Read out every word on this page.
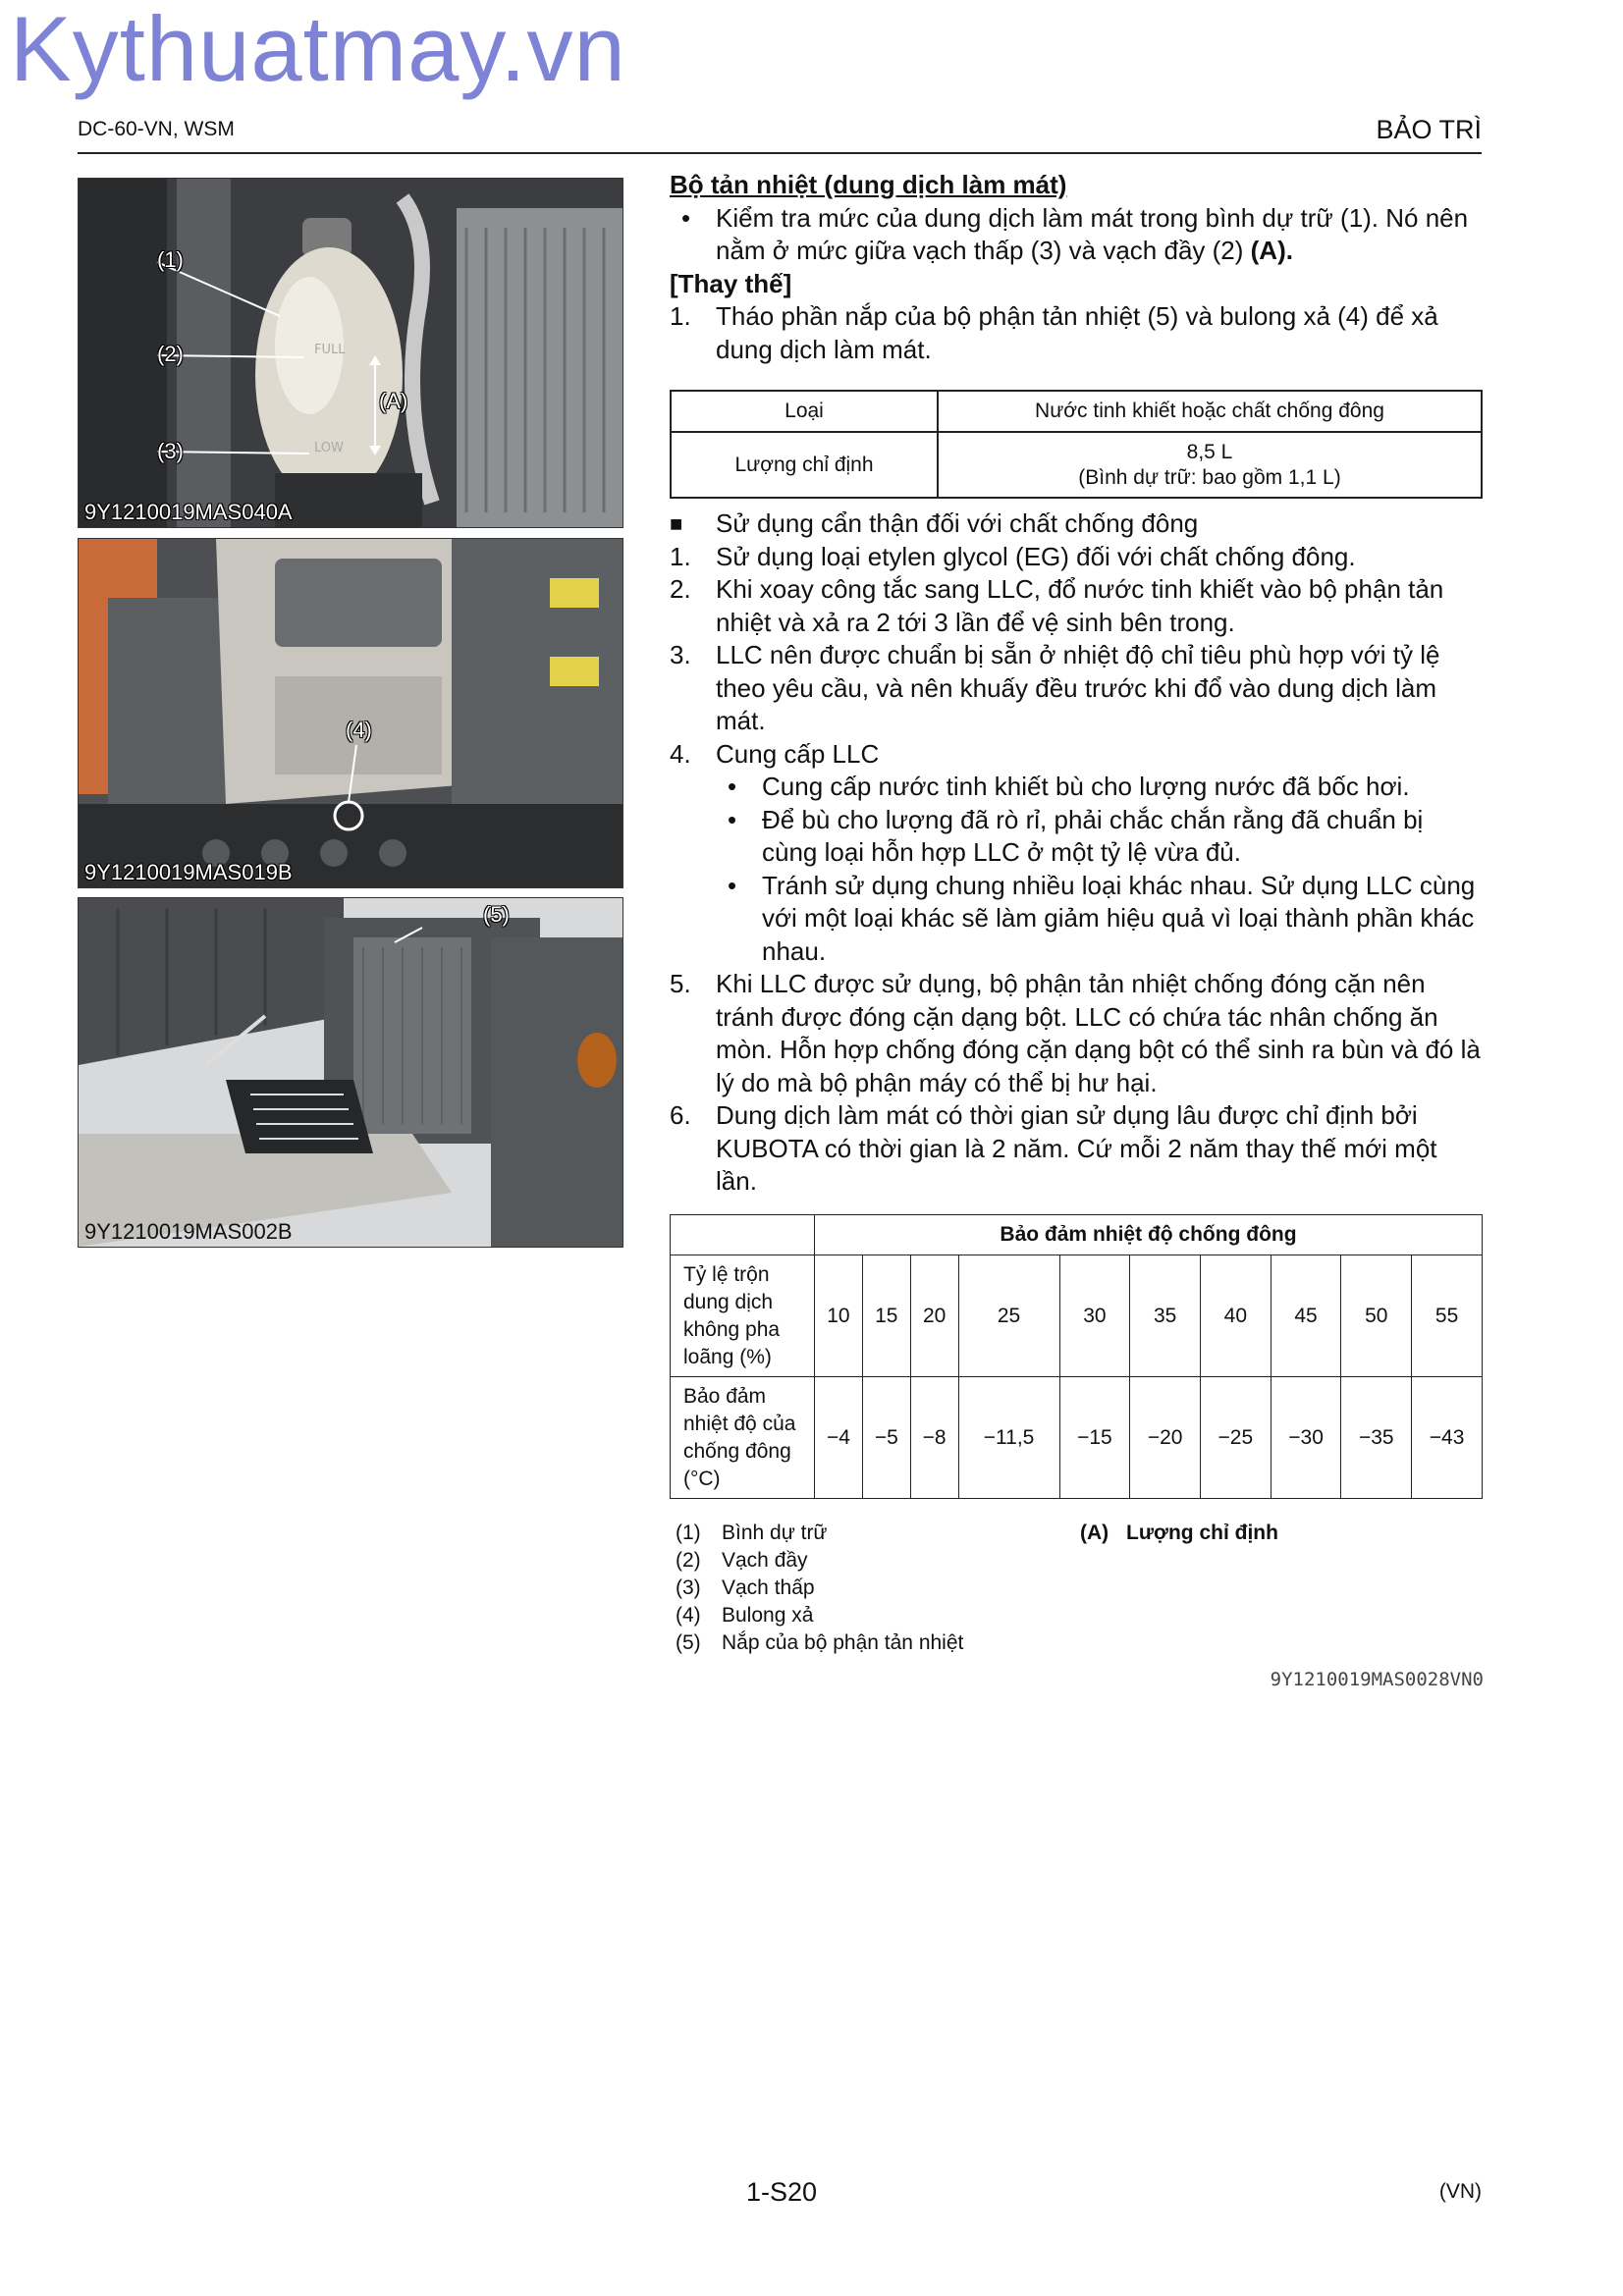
Kythuatmay.vn
DC-60-VN, WSM	BẢO TRÌ
FULL
LOW
(1)
(2)
(3)
(A)
9Y1210019MAS040A
(4)
9Y1210019MAS019B
(5)
9Y1210019MAS002B
Bộ tản nhiệt (dung dịch làm mát)
• Kiểm tra mức của dung dịch làm mát trong bình dự trữ (1). Nó nên nằm ở mức giữa vạch thấp (3) và vạch đầy (2) (A).
[Thay thế]
1. Tháo phần nắp của bộ phận tản nhiệt (5) và bulong xả (4) để xả dung dịch làm mát.
Loại	Nước tinh khiết hoặc chất chống đông
Lượng chỉ định	8,5 L
(Bình dự trữ: bao gồm 1,1 L)
■	Sử dụng cẩn thận đối với chất chống đông
1. Sử dụng loại etylen glycol (EG) đối với chất chống đông.
2. Khi xoay công tắc sang LLC, đổ nước tinh khiết vào bộ phận tản nhiệt và xả ra 2 tới 3 lần để vệ sinh bên trong.
3. LLC nên được chuẩn bị sẵn ở nhiệt độ chỉ tiêu phù hợp với tỷ lệ theo yêu cầu, và nên khuấy đều trước khi đổ vào dung dịch làm mát.
4. Cung cấp LLC
• Cung cấp nước tinh khiết bù cho lượng nước đã bốc hơi.
• Để bù cho lượng đã rò rỉ, phải chắc chắn rằng đã chuẩn bị cùng loại hỗn hợp LLC ở một tỷ lệ vừa đủ.
• Tránh sử dụng chung nhiều loại khác nhau. Sử dụng LLC cùng với một loại khác sẽ làm giảm hiệu quả vì loại thành phần khác nhau.
5. Khi LLC được sử dụng, bộ phận tản nhiệt chống đóng cặn nên tránh được đóng cặn dạng bột. LLC có chứa tác nhân chống ăn mòn. Hỗn hợp chống đóng cặn dạng bột có thể sinh ra bùn và đó là lý do mà bộ phận máy có thể bị hư hại.
6. Dung dịch làm mát có thời gian sử dụng lâu được chỉ định bởi KUBOTA có thời gian là 2 năm. Cứ mỗi 2 năm thay thế mới một lần.
	Bảo đảm nhiệt độ chống đông									
Tỷ lệ trộn dung dịch không pha loãng (%)	10	15	20	25	30	35	40	45	50	55
Bảo đảm nhiệt độ của chống đông (°C)	−4	−5	−8	−11,5	−15	−20	−25	−30	−35	−43
(1) Bình dự trữ
(2) Vạch đầy
(3) Vạch thấp
(4) Bulong xả
(5) Nắp của bộ phận tản nhiệt
(A) Lượng chỉ định
9Y1210019MAS0028VN0
1-S20	(VN)
